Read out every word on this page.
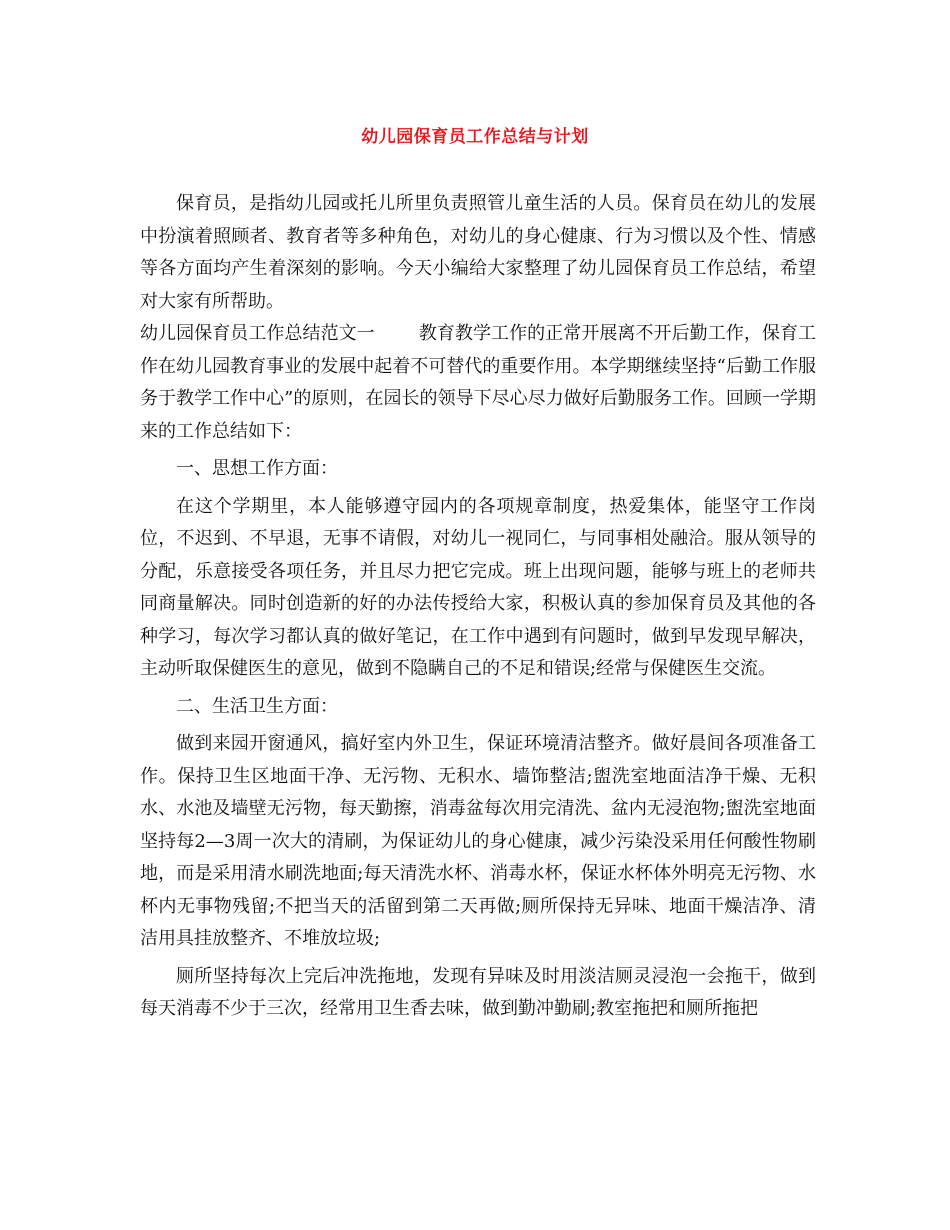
幼儿园保育员工作总结与计划

保育员，是指幼儿园或托儿所里负责照管儿童生活的人员。保育员在幼儿的发展中扮演着照顾者、教育者等多种角色，对幼儿的身心健康、行为习惯以及个性、情感等各方面均产生着深刻的影响。今天小编给大家整理了幼儿园保育员工作总结，希望对大家有所帮助。

幼儿园保育员工作总结范文一 教育教学工作的正常开展离不开后勤工作，保育工作在幼儿园教育事业的发展中起着不可替代的重要作用。本学期继续坚持“后勤工作服务于教学工作中心”的原则，在园长的领导下尽心尽力做好后勤服务工作。回顾一学期来的工作总结如下：

一、思想工作方面：

在这个学期里，本人能够遵守园内的各项规章制度，热爱集体，能坚守工作岗位，不迟到、不早退，无事不请假，对幼儿一视同仁，与同事相处融洽。服从领导的分配，乐意接受各项任务，并且尽力把它完成。班上出现问题，能够与班上的老师共同商量解决。同时创造新的好的办法传授给大家，积极认真的参加保育员及其他的各种学习，每次学习都认真的做好笔记，在工作中遇到有问题时，做到早发现早解决，主动听取保健医生的意见，做到不隐瞒自己的不足和错误;经常与保健医生交流。

二、生活卫生方面：

做到来园开窗通风，搞好室内外卫生，保证环境清洁整齐。做好晨间各项准备工作。保持卫生区地面干净、无污物、无积水、墙饰整洁;盥洗室地面洁净干燥、无积水、水池及墙壁无污物，每天勤擦，消毒盆每次用完清洗、盆内无浸泡物;盥洗室地面坚持每2—3周一次大的清刷，为保证幼儿的身心健康，减少污染没采用任何酸性物刷地，而是采用清水刷洗地面;每天清洗水杯、消毒水杯，保证水杯体外明亮无污物、水杯内无事物残留;不把当天的活留到第二天再做;厕所保持无异味、地面干燥洁净、清洁用具挂放整齐、不堆放垃圾;

厕所坚持每次上完后冲洗拖地，发现有异味及时用淡洁厕灵浸泡一会拖干，做到每天消毒不少于三次，经常用卫生香去味，做到勤冲勤刷;教室拖把和厕所拖把
